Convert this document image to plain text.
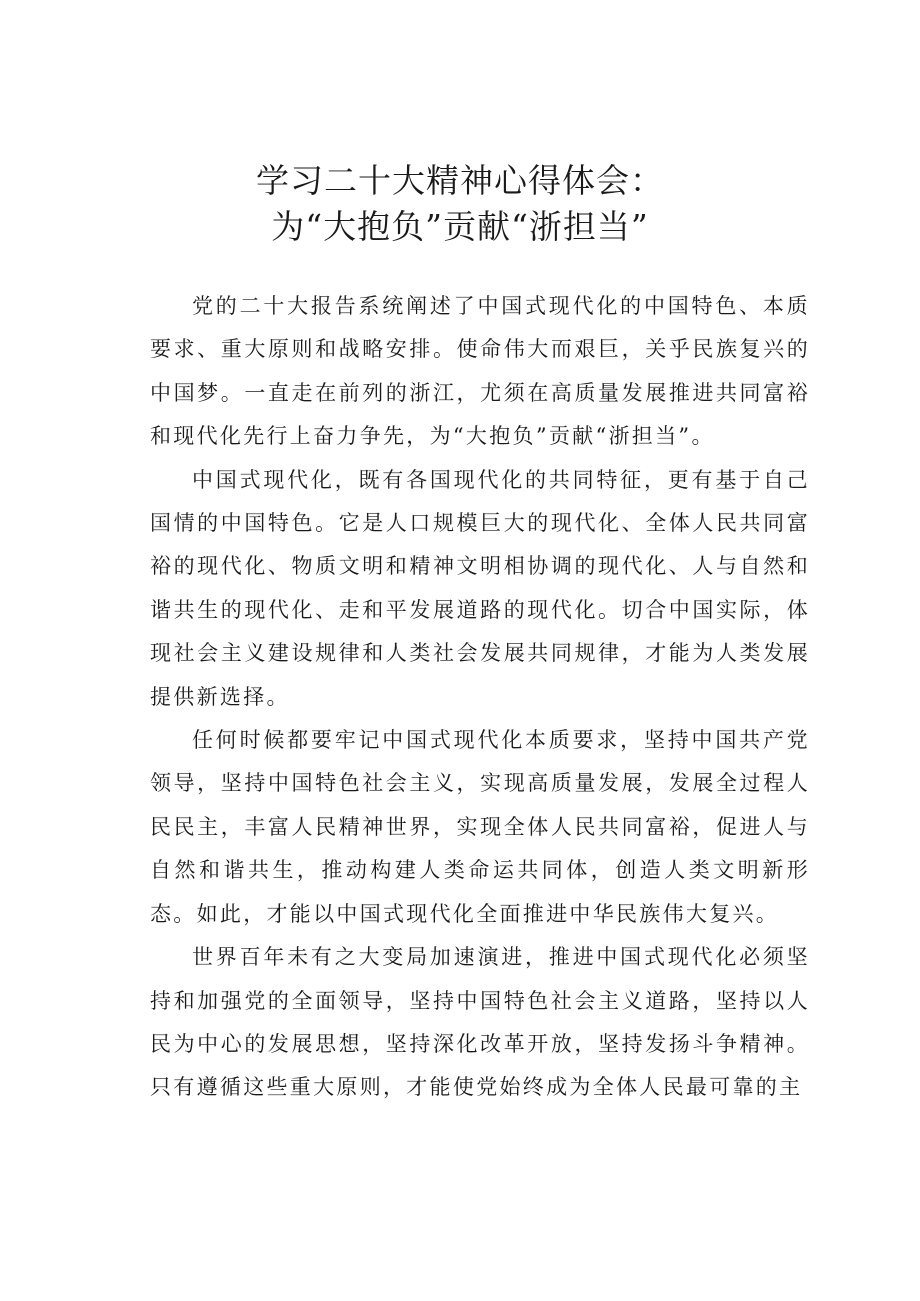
学习二十大精神心得体会：
为“大抱负”贡献“浙担当”

党的二十大报告系统阐述了中国式现代化的中国特色、本质要求、重大原则和战略安排。使命伟大而艰巨，关乎民族复兴的中国梦。一直走在前列的浙江，尤须在高质量发展推进共同富裕和现代化先行上奋力争先，为“大抱负”贡献“浙担当”。

中国式现代化，既有各国现代化的共同特征，更有基于自己国情的中国特色。它是人口规模巨大的现代化、全体人民共同富裕的现代化、物质文明和精神文明相协调的现代化、人与自然和谐共生的现代化、走和平发展道路的现代化。切合中国实际，体现社会主义建设规律和人类社会发展共同规律，才能为人类发展提供新选择。

任何时候都要牢记中国式现代化本质要求，坚持中国共产党领导，坚持中国特色社会主义，实现高质量发展，发展全过程人民民主，丰富人民精神世界，实现全体人民共同富裕，促进人与自然和谐共生，推动构建人类命运共同体，创造人类文明新形态。如此，才能以中国式现代化全面推进中华民族伟大复兴。

世界百年未有之大变局加速演进，推进中国式现代化必须坚持和加强党的全面领导，坚持中国特色社会主义道路，坚持以人民为中心的发展思想，坚持深化改革开放，坚持发扬斗争精神。只有遵循这些重大原则，才能使党始终成为全体人民最可靠的主
